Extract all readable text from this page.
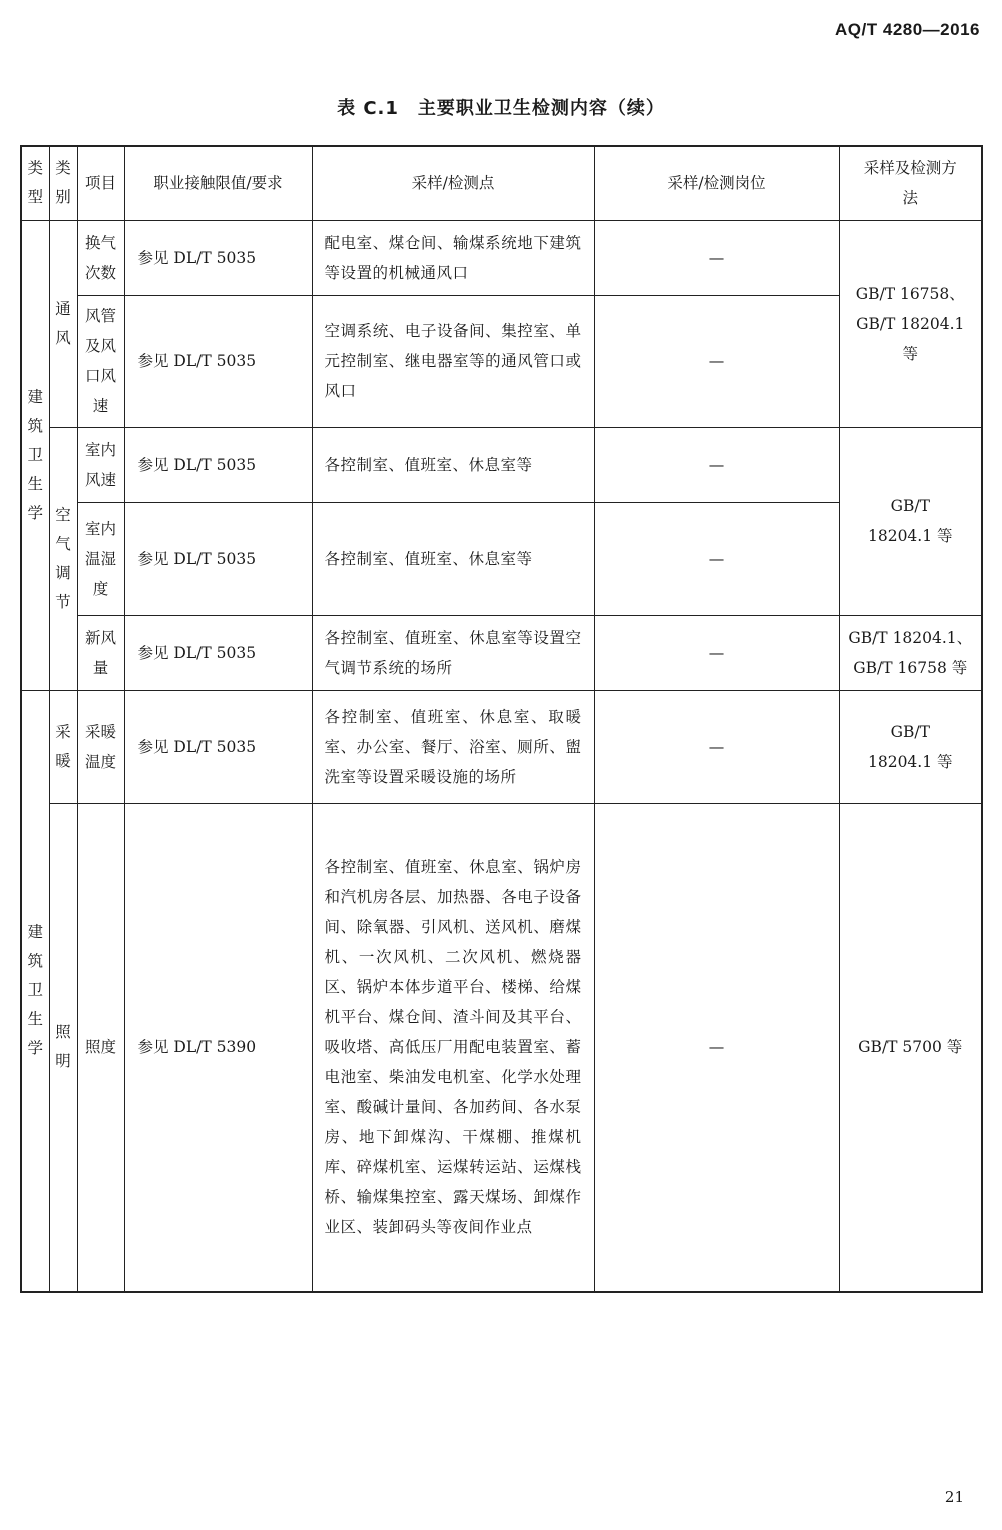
AQ/T 4280—2016
表 C.1　主要职业卫生检测内容（续）
类型	类别	项目	职业接触限值/要求	采样/检测点	采样/检测岗位	采样及检测方法
建筑卫生学	通风	换气次数	参见 DL/T 5035	配电室、煤仓间、输煤系统地下建筑等设置的机械通风口	—	GB/T 16758、GB/T 18204.1 等
		风管及风口风速	参见 DL/T 5035	空调系统、电子设备间、集控室、单元控制室、继电器室等的通风管口或风口	—	
	空气调节	室内风速	参见 DL/T 5035	各控制室、值班室、休息室等	—	GB/T 18204.1 等
		室内温湿度	参见 DL/T 5035	各控制室、值班室、休息室等	—	
		新风量	参见 DL/T 5035	各控制室、值班室、休息室等设置空气调节系统的场所	—	GB/T 18204.1、GB/T 16758 等
建筑卫生学	采暖	采暖温度	参见 DL/T 5035	各控制室、值班室、休息室、取暖室、办公室、餐厅、浴室、厕所、盥洗室等设置采暖设施的场所	—	GB/T 18204.1 等
	照明	照度	参见 DL/T 5390	各控制室、值班室、休息室、锅炉房和汽机房各层、加热器、各电子设备间、除氧器、引风机、送风机、磨煤机、一次风机、二次风机、燃烧器区、锅炉本体步道平台、楼梯、给煤机平台、煤仓间、渣斗间及其平台、吸收塔、高低压厂用配电装置室、蓄电池室、柴油发电机室、化学水处理室、酸碱计量间、各加药间、各水泵房、地下卸煤沟、干煤棚、推煤机库、碎煤机室、运煤转运站、运煤栈桥、输煤集控室、露天煤场、卸煤作业区、装卸码头等夜间作业点	—	GB/T 5700 等
21
